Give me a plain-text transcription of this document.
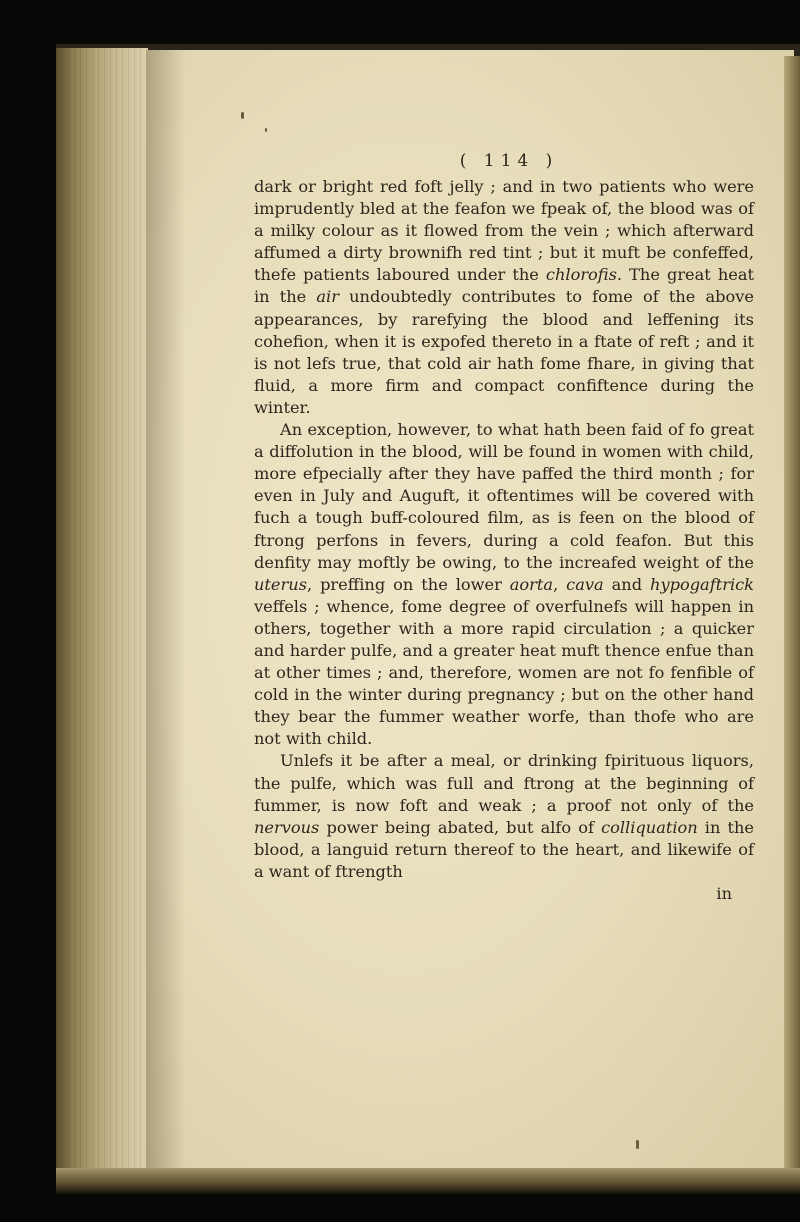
( 114 )

dark or bright red foft jelly ; and in two patients who were imprudently bled at the feafon we fpeak of, the blood was of a milky colour as it flowed from the vein ; which afterward affumed a dirty brownifh red tint ; but it muft be confeffed, thefe patients laboured under the chlorofis. The great heat in the air undoubtedly contributes to fome of the above appearances, by rarefying the blood and leffening its cohefion, when it is expofed thereto in a ftate of reft ; and it is not lefs true, that cold air hath fome fhare, in giving that fluid, a more firm and compact confiftence during the winter.

An exception, however, to what hath been faid of fo great a diffolution in the blood, will be found in women with child, more efpecially after they have paffed the third month ; for even in July and Auguft, it oftentimes will be covered with fuch a tough buff-coloured film, as is feen on the blood of ftrong perfons in fevers, during a cold feafon. But this denfity may moftly be owing, to the increafed weight of the uterus, preffing on the lower aorta, cava and hypogaftrick veffels ; whence, fome degree of overfulnefs will happen in others, together with a more rapid circulation ; a quicker and harder pulfe, and a greater heat muft thence enfue than at other times ; and, therefore, women are not fo fenfible of cold in the winter during pregnancy ; but on the other hand they bear the fummer weather worfe, than thofe who are not with child.

Unlefs it be after a meal, or drinking fpirituous liquors, the pulfe, which was full and ftrong at the beginning of fummer, is now foft and weak ; a proof not only of the nervous power being abated, but alfo of colliquation in the blood, a languid return thereof to the heart, and likewife of a want of ftrength

in
